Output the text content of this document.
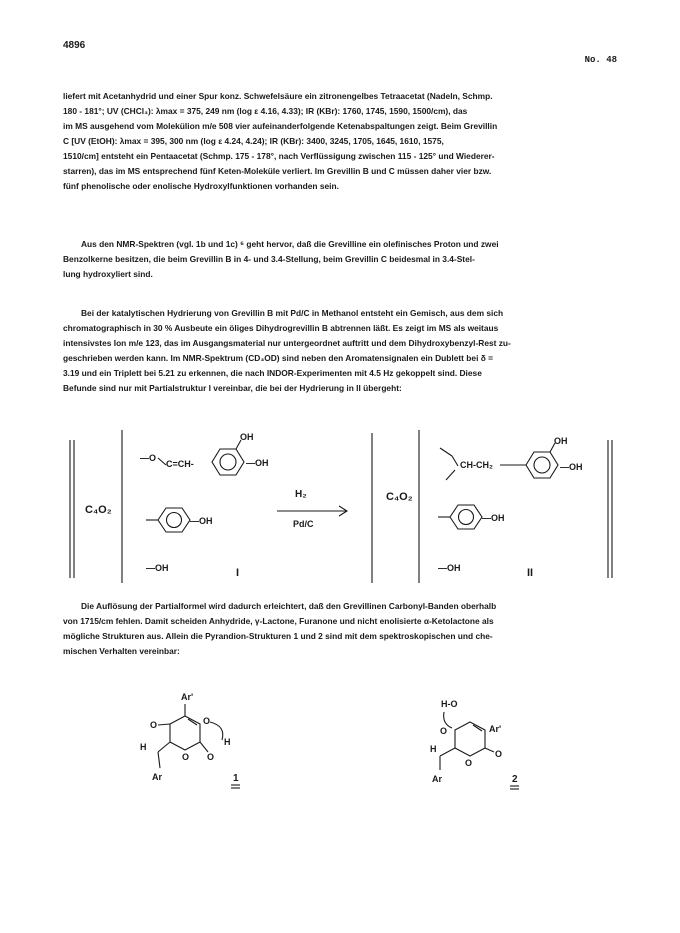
4896
No. 48
liefert mit Acetanhydrid und einer Spur konz. Schwefelsäure ein zitronengelbes Tetraacetat (Nadeln, Schmp.
180 - 181°; UV (CHCl₃): λmax = 375, 249 nm (log ε 4.16, 4.33); IR (KBr): 1760, 1745, 1590, 1500/cm), das
im MS ausgehend vom Molekülion m/e 508 vier aufeinanderfolgende Ketenabspaltungen zeigt. Beim Grevillin
C [UV (EtOH): λmax = 395, 300 nm (log ε 4.24, 4.24); IR (KBr): 3400, 3245, 1705, 1645, 1610, 1575,
1510/cm] entsteht ein Pentaacetat (Schmp. 175 - 178°, nach Verflüssigung zwischen 115 - 125° und Wiederer-
starren), das im MS entsprechend fünf Keten-Moleküle verliert. Im Grevillin B und C müssen daher vier bzw.
fünf phenolische oder enolische Hydroxylfunktionen vorhanden sein.
Aus den NMR-Spektren (vgl. 1b und 1c) ⁶ geht hervor, daß die Grevilline ein olefinisches Proton und zwei
Benzolkerne besitzen, die beim Grevillin B in 4- und 3.4-Stellung, beim Grevillin C beidesmal in 3.4-Stel-
lung hydroxyliert sind.
Bei der katalytischen Hydrierung von Grevillin B mit Pd/C in Methanol entsteht ein Gemisch, aus dem sich
chromatographisch in 30 % Ausbeute ein öliges Dihydrogrevillin B abtrennen läßt. Es zeigt im MS als weitaus
intensivstes Ion m/e 123, das im Ausgangsmaterial nur untergeordnet auftritt und dem Dihydroxybenzyl-Rest zu-
geschrieben werden kann. Im NMR-Spektrum (CD₃OD) sind neben den Aromatensignalen ein Dublett bei δ =
3.19 und ein Triplett bei 5.21 zu erkennen, die nach INDOR-Experimenten mit 4.5 Hz gekoppelt sind. Diese
Befunde sind nur mit Partialstruktur I vereinbar, die bei der Hydrierung in II übergeht:
Die Auflösung der Partialformel wird dadurch erleichtert, daß den Grevillinen Carbonyl-Banden oberhalb
von 1715/cm fehlen. Damit scheiden Anhydride, γ-Lactone, Furanone und nicht enolisierte α-Ketolactone als
mögliche Strukturen aus. Allein die Pyrandion-Strukturen 1 und 2 sind mit dem spektroskopischen und che-
mischen Verhalten vereinbar:
C₄O₂
C₄O₂
—O
C=CH-
OH
—OH
—OH
—OH	I
H₂
Pd/C
CH-CH₂
OH
—OH
—OH
—OH	II
Ar'
O	O
H
O O
H
Ar	1
H-O
O	Ar'
H
Ar
O
O
2
